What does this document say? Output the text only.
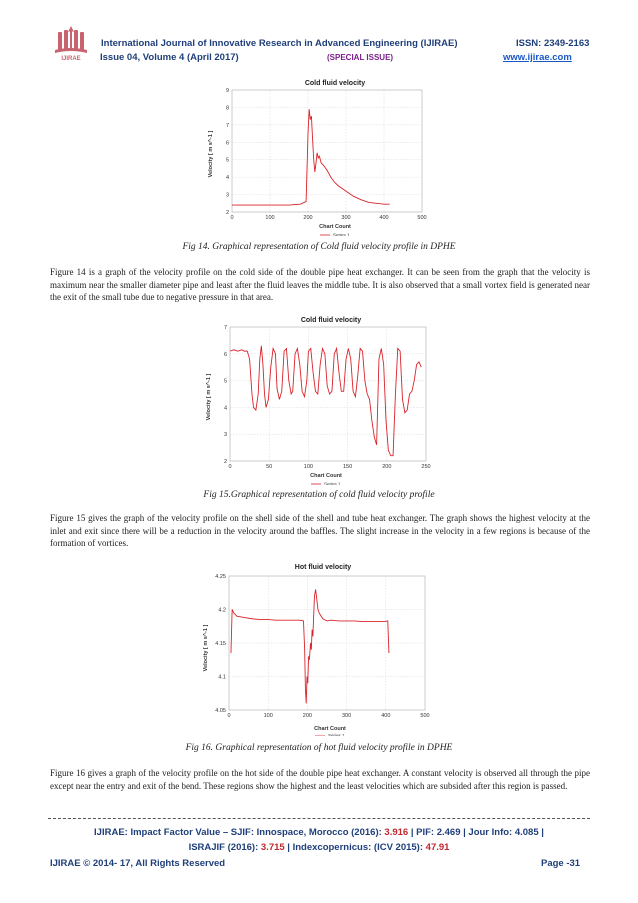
IJIRAE
International Journal of Innovative Research in Advanced Engineering (IJIRAE)	ISSN: 2349-2163
Issue 04, Volume 4 (April 2017)	(SPECIAL ISSUE)	www.ijirae.com
Cold fluid velocity
2
3
4
5
6
7
8
9
0	100	200	300	400	500
Chart Count
Velocity [ m s^-1 ]
Series 1
Fig 14. Graphical representation of Cold fluid velocity profile in DPHE
Figure 14 is a graph of the velocity profile on the cold side of the double pipe heat exchanger. It can be seen from the graph that the velocity is maximum near the smaller diameter pipe and least after the fluid leaves the middle tube. It is also observed that a small vortex field is generated near the exit of the small tube due to negative pressure in that area.
Cold fluid velocity
2
3
4
5
6
7
0	50	100	150	200	250
Chart Count
Velocity [ m s^-1 ]
Series 1
Fig 15.Graphical representation of cold fluid velocity profile
Figure 15 gives the graph of the velocity profile on the shell side of the shell and tube heat exchanger. The graph shows the highest velocity at the inlet and exit since there will be a reduction in the velocity around the baffles. The slight increase in the velocity in a few regions is because of the formation of vortices.
Hot fluid velocity
4.05
4.1
4.15
4.2
4.25
0	100	200	300	400	500
Chart Count
Velocity [ m s^-1 ]
Series 1
Fig 16. Graphical representation of hot fluid velocity profile in DPHE
Figure 16 gives a graph of the velocity profile on the hot side of the double pipe heat exchanger. A constant velocity is observed all through the pipe except near the entry and exit of the bend. These regions show the highest and the least velocities which are subsided after this region is passed.
IJIRAE: Impact Factor Value – SJIF: Innospace, Morocco (2016): 3.916 | PIF: 2.469 | Jour Info: 4.085 |
ISRAJIF (2016): 3.715 | Indexcopernicus: (ICV 2015): 47.91
IJIRAE © 2014- 17, All Rights Reserved	Page -31
